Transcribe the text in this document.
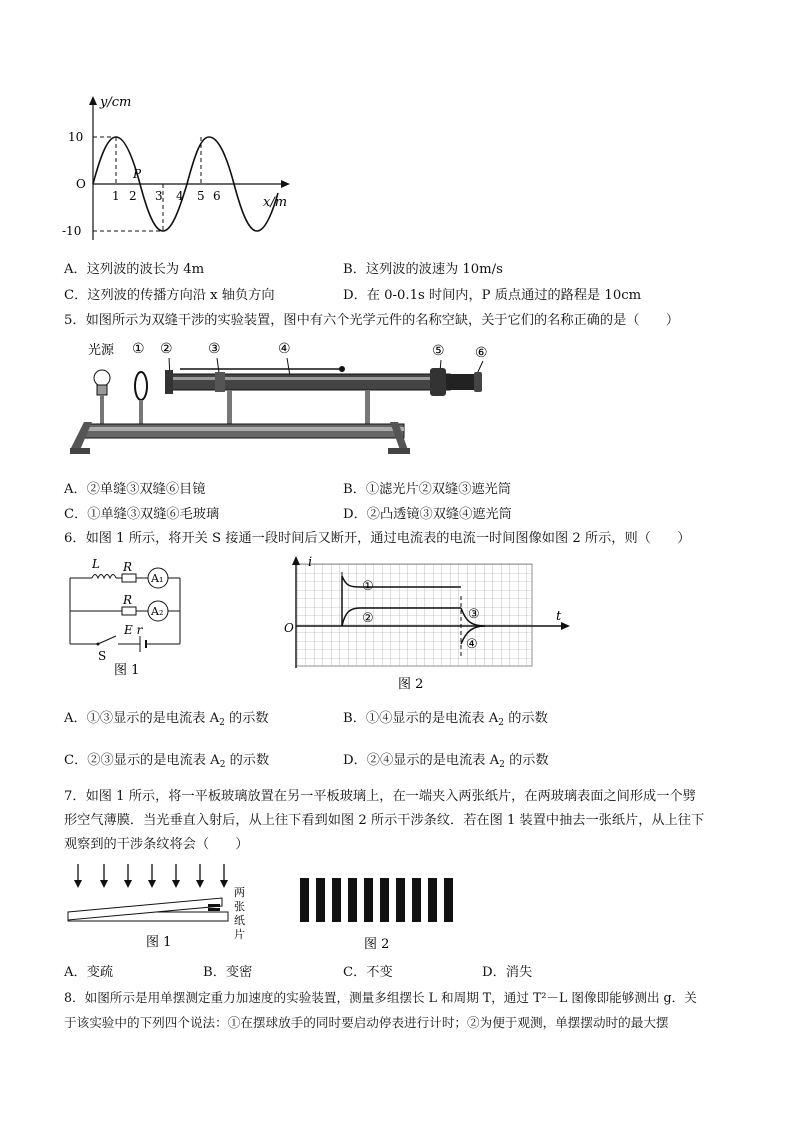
y/cm
x/m
O
10
-10
1 2 3 4 5 6
P
A．这列波的波长为 4m	B．这列波的波速为 10m/s
C．这列波的传播方向沿 x 轴负方向	D．在 0-0.1s 时间内，P 质点通过的路程是 10cm
5．如图所示为双缝干涉的实验装置，图中有六个光学元件的名称空缺，关于它们的名称正确的是（　　）
光源 ① ②	③	④	⑤ ⑥
A．②单缝③双缝⑥目镜	B．①滤光片②双缝③遮光筒
C．①单缝③双缝⑥毛玻璃	D．②凸透镜③双缝④遮光筒
6．如图 1 所示，将开关 S 接通一段时间后又断开，通过电流表的电流一时间图像如图 2 所示，则（　　）
L R
R
A₁
A₂
E r
S
图 1
i
t
O
①
②	③
④
图 2
A．①③显示的是电流表 $A_2$ 的示数	B．①④显示的是电流表 $A_2$ 的示数
C．②③显示的是电流表 $A_2$ 的示数	D．②④显示的是电流表 $A_2$ 的示数
7．如图 1 所示，将一平板玻璃放置在另一平板玻璃上，在一端夹入两张纸片，在两玻璃表面之间形成一个劈
形空气薄膜．当光垂直入射后，从上往下看到如图 2 所示干涉条纹．若在图 1 装置中抽去一张纸片，从上往下
观察到的干涉条纹将会（　　）
两
张
纸
片
图 1	图 2
A．变疏	B．变密	C．不变	D．消失
8．如图所示是用单摆测定重力加速度的实验装置，测量多组摆长 L 和周期 T，通过 T²－L 图像即能够测出 g．关
于该实验中的下列四个说法：①在摆球放手的同时要启动停表进行计时；②为便于观测，单摆摆动时的最大摆
